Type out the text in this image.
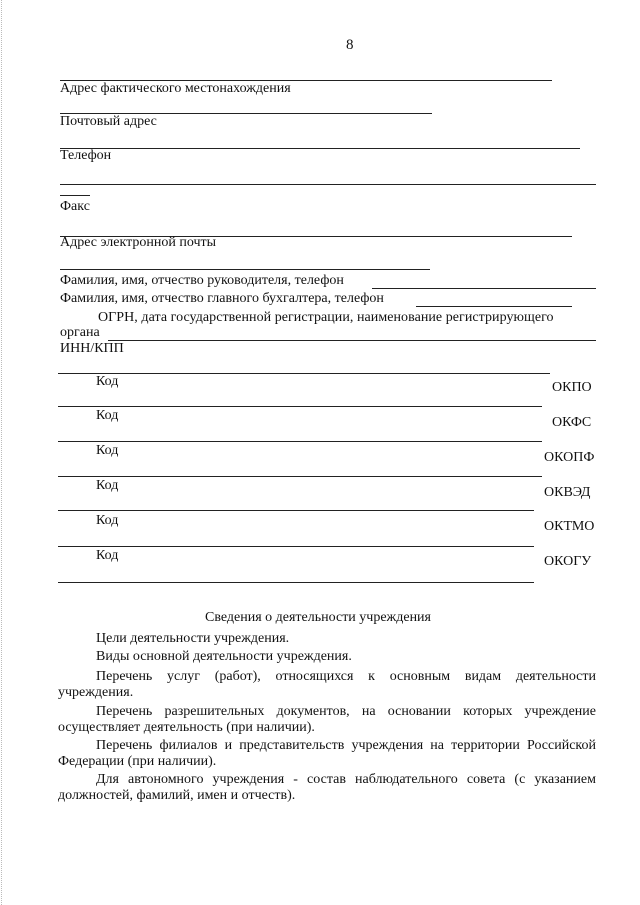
8
Адрес фактического местонахождения
Почтовый адрес
Телефон
Факс
Адрес электронной почты
Фамилия, имя, отчество руководителя, телефон
Фамилия, имя, отчество главного бухгалтера, телефон
ОГРН, дата государственной регистрации, наименование регистрирующего
органа
ИНН/КПП
Код	ОКПО
Код	ОКФС
Код	ОКОПФ
Код	ОКВЭД
Код	ОКТМО
Код	ОКОГУ
Сведения о деятельности учреждения
Цели деятельности учреждения.
Виды основной деятельности учреждения.
Перечень услуг (работ), относящихся к основным видам деятельности учреждения.
Перечень разрешительных документов, на основании которых учреждение осуществляет деятельность (при наличии).
Перечень филиалов и представительств учреждения на территории Российской Федерации (при наличии).
Для автономного учреждения - состав наблюдательного совета (с указанием должностей, фамилий, имен и отчеств).
